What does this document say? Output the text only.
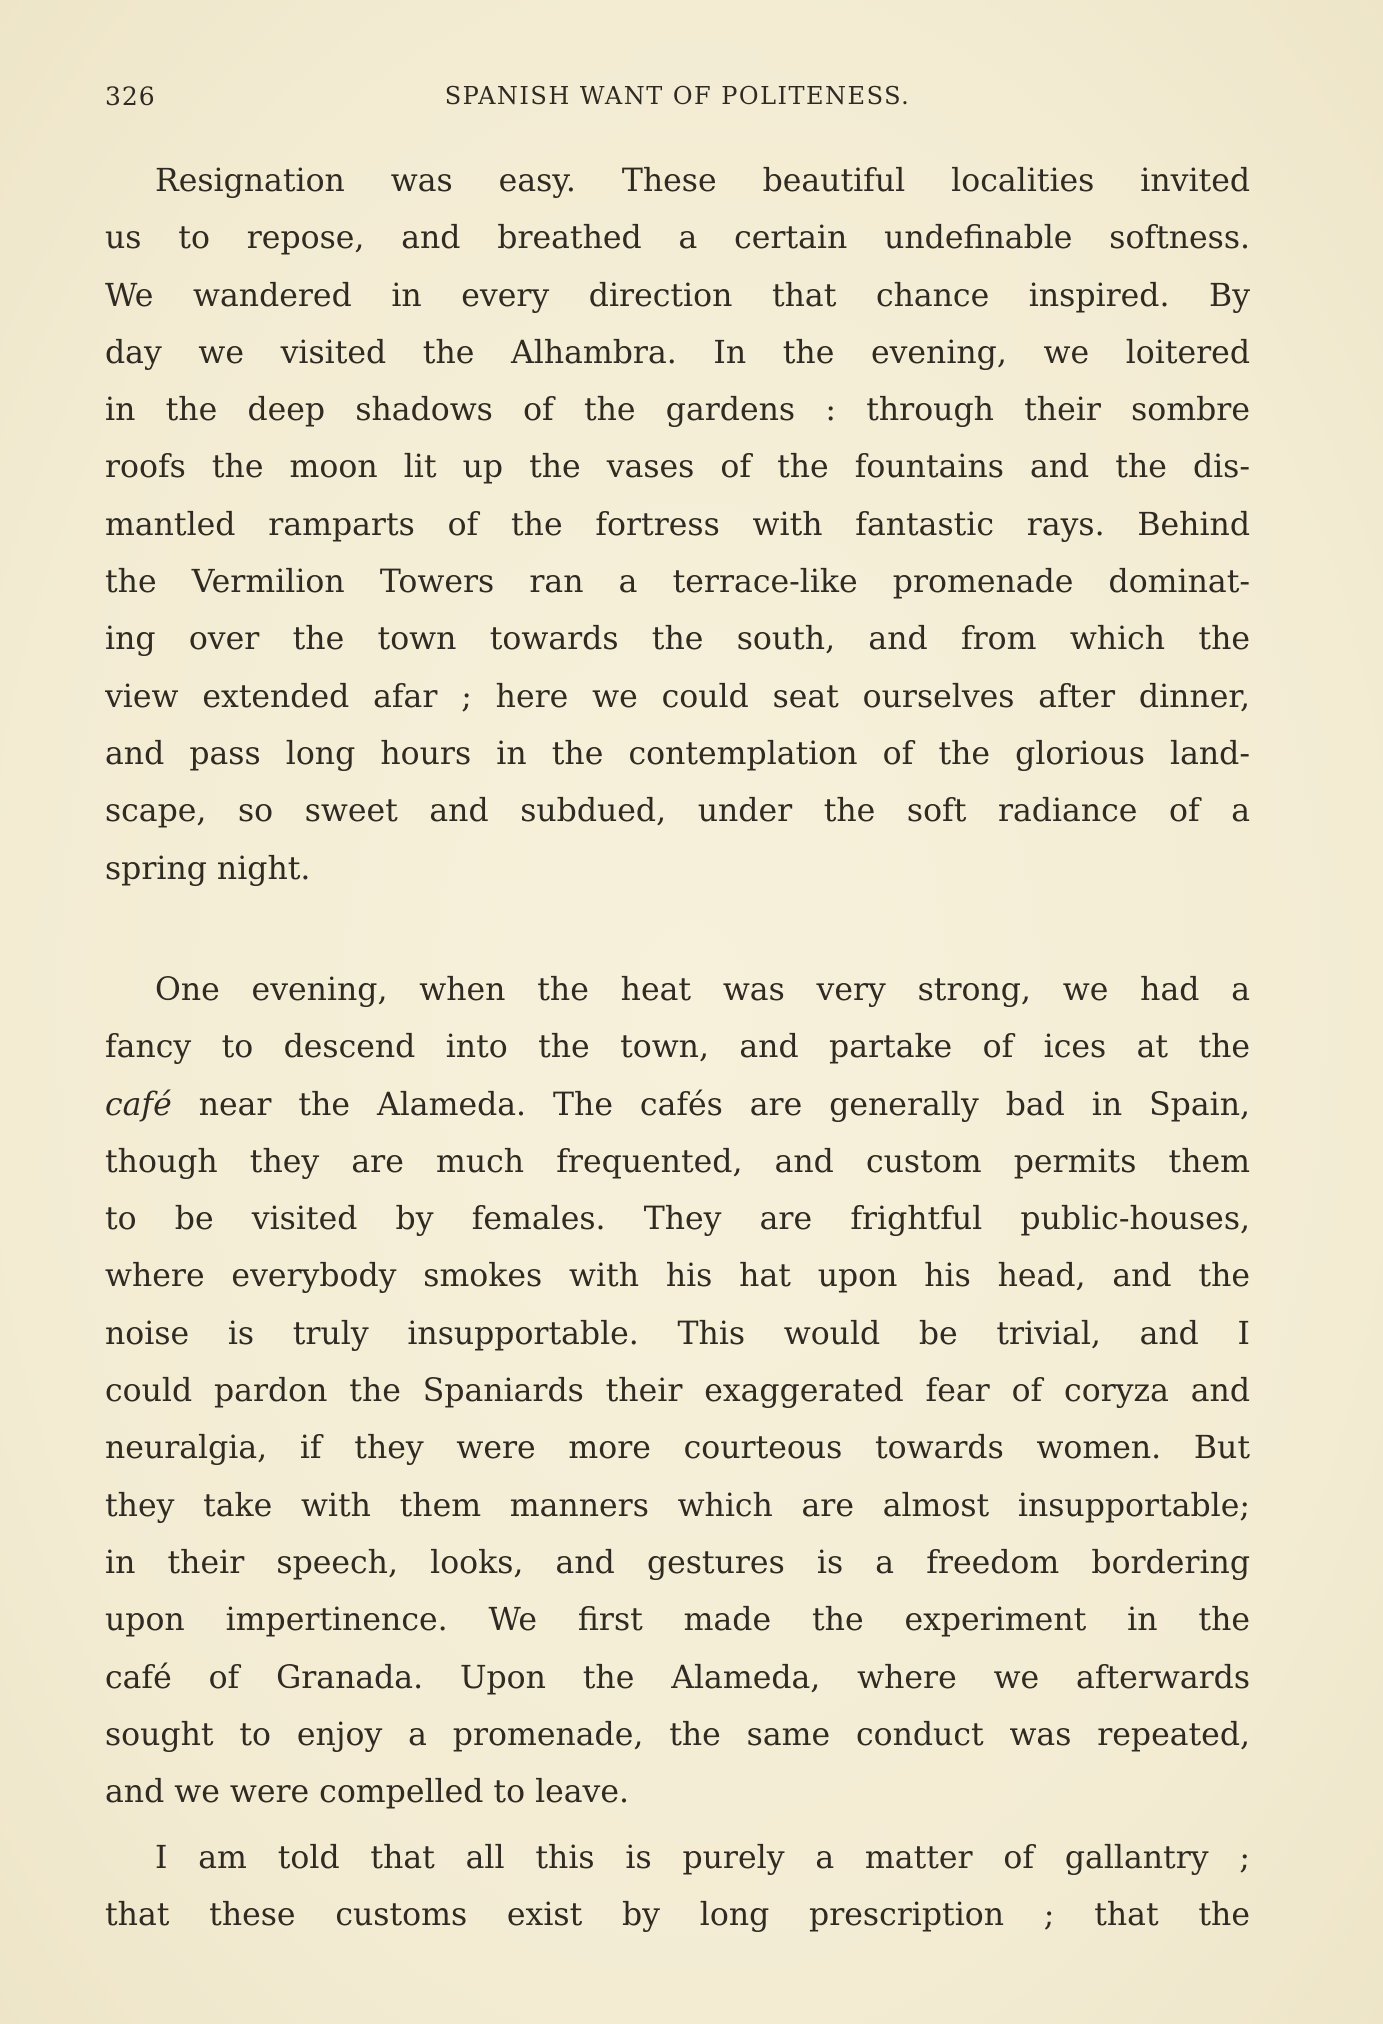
326	SPANISH WANT OF POLITENESS.
Resignation was easy. These beautiful localities invited
us to repose, and breathed a certain undefinable softness.
We wandered in every direction that chance inspired. By
day we visited the Alhambra. In the evening, we loitered
in the deep shadows of the gardens : through their sombre
roofs the moon lit up the vases of the fountains and the dis-
mantled ramparts of the fortress with fantastic rays. Behind
the Vermilion Towers ran a terrace-like promenade dominat-
ing over the town towards the south, and from which the
view extended afar ; here we could seat ourselves after dinner,
and pass long hours in the contemplation of the glorious land-
scape, so sweet and subdued, under the soft radiance of a
spring night.
One evening, when the heat was very strong, we had a
fancy to descend into the town, and partake of ices at the
café near the Alameda. The cafés are generally bad in Spain,
though they are much frequented, and custom permits them
to be visited by females. They are frightful public-houses,
where everybody smokes with his hat upon his head, and the
noise is truly insupportable. This would be trivial, and I
could pardon the Spaniards their exaggerated fear of coryza and
neuralgia, if they were more courteous towards women. But
they take with them manners which are almost insupportable;
in their speech, looks, and gestures is a freedom bordering
upon impertinence. We first made the experiment in the
café of Granada. Upon the Alameda, where we afterwards
sought to enjoy a promenade, the same conduct was repeated,
and we were compelled to leave.
I am told that all this is purely a matter of gallantry ;
that these customs exist by long prescription ; that the
